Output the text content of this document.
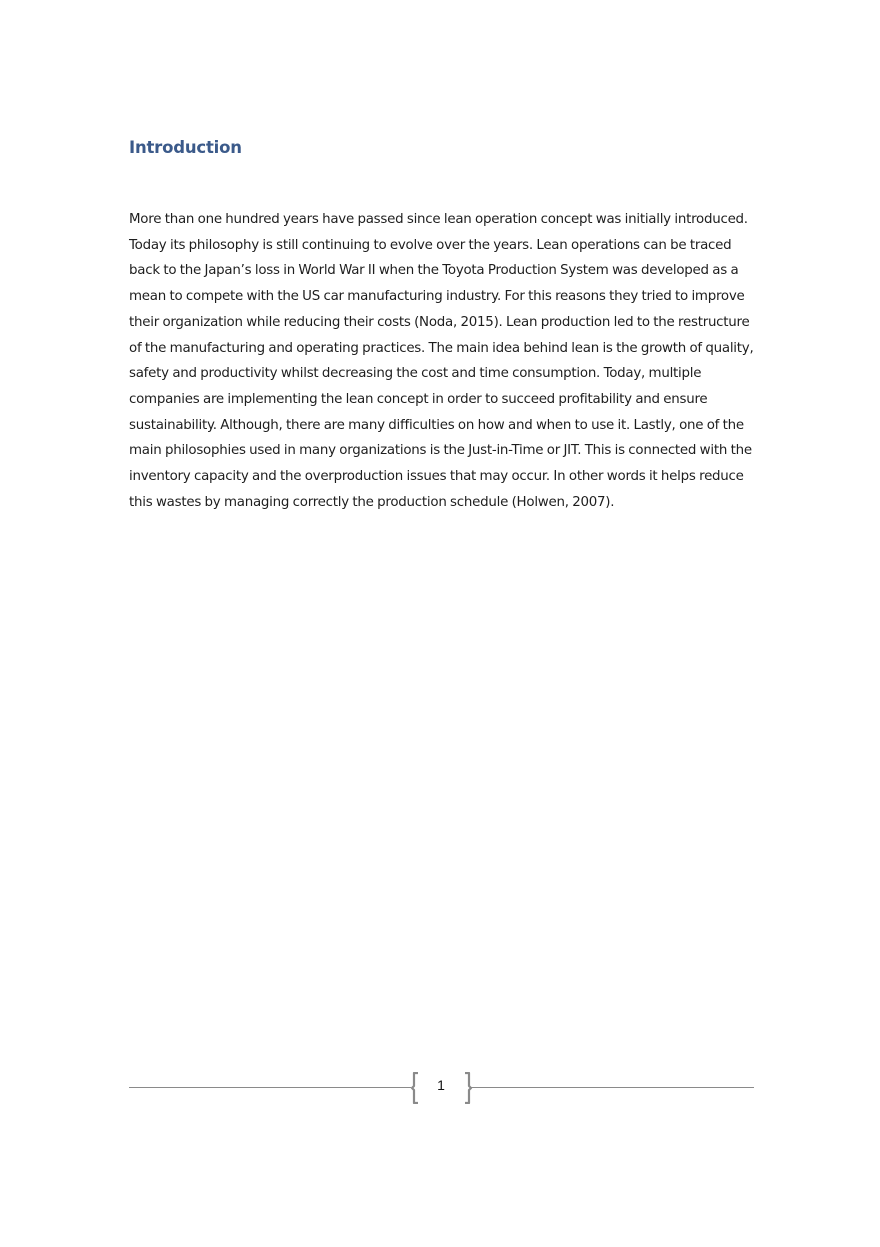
Introduction

More than one hundred years have passed since lean operation concept was initially introduced. Today its philosophy is still continuing to evolve over the years. Lean operations can be traced back to the Japan’s loss in World War II when the Toyota Production System was developed as a mean to compete with the US car manufacturing industry. For this reasons they tried to improve their organization while reducing their costs (Noda, 2015). Lean production led to the restructure of the manufacturing and operating practices. The main idea behind lean is the growth of quality, safety and productivity whilst decreasing the cost and time consumption. Today, multiple companies are implementing the lean concept in order to succeed profitability and ensure sustainability. Although, there are many difficulties on how and when to use it. Lastly, one of the main philosophies used in many organizations is the Just-in-Time or JIT. This is connected with the inventory capacity and the overproduction issues that may occur. In other words it helps reduce this wastes by managing correctly the production schedule (Holwen, 2007).

1
